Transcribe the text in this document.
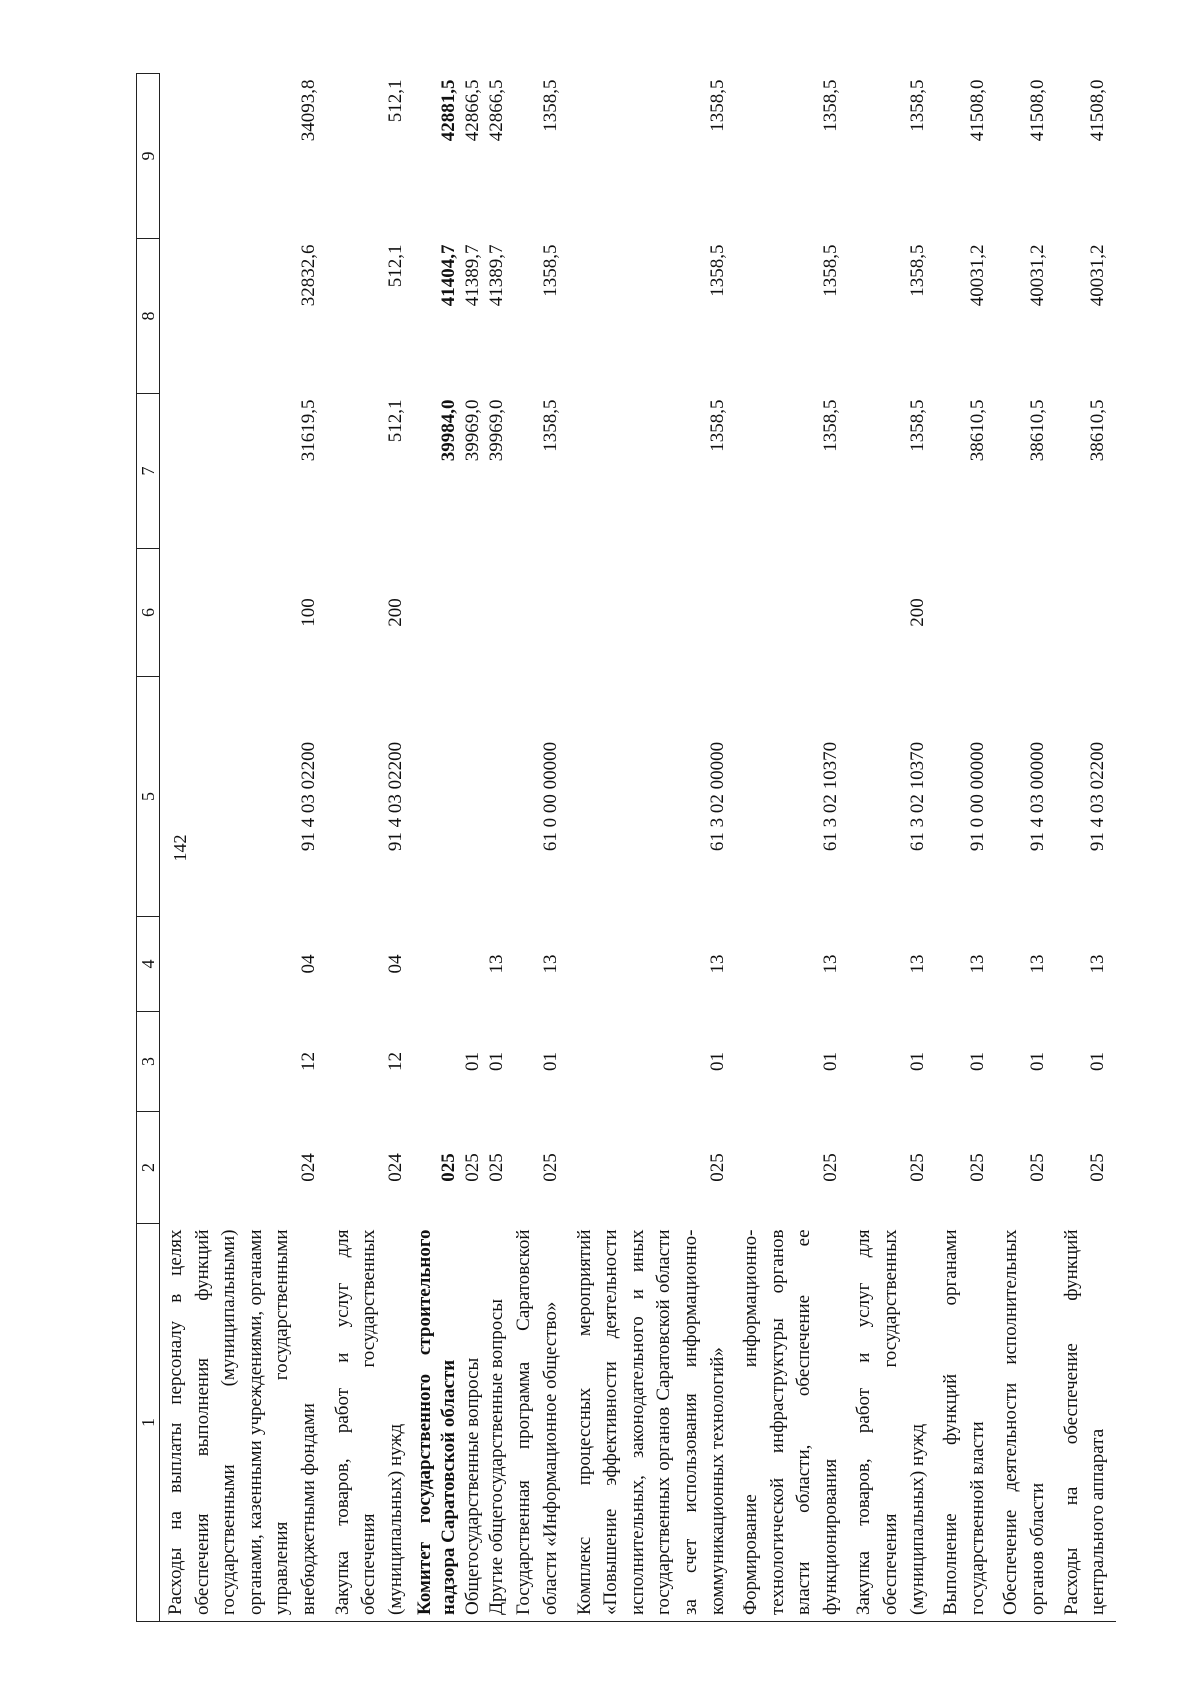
142
1	2	3	4	5	6	7	8	9
Расходы на выплаты персоналу в целях обеспечения выполнения функций государственными (муниципальными) органами, казенными учреждениями, органами управления государственными внебюджетными фондами	024	12	04	91 4 03 02200	100	31619,5	32832,6	34093,8
Закупка товаров, работ и услуг для обеспечения государственных (муниципальных) нужд	024	12	04	91 4 03 02200	200	512,1	512,1	512,1
Комитет государственного строительного надзора Саратовской области	025					39984,0	41404,7	42881,5
Общегосударственные вопросы	025	01				39969,0	41389,7	42866,5
Другие общегосударственные вопросы	025	01	13			39969,0	41389,7	42866,5
Государственная программа Саратовской области «Информационное общество»	025	01	13	61 0 00 00000		1358,5	1358,5	1358,5
Комплекс процессных мероприятий «Повышение эффективности деятельности исполнительных, законодательного и иных государственных органов Саратовской области за счет использования информационно-коммуникационных технологий»	025	01	13	61 3 02 00000		1358,5	1358,5	1358,5
Формирование информационно-технологической инфраструктуры органов власти области, обеспечение ее функционирования	025	01	13	61 3 02 10370		1358,5	1358,5	1358,5
Закупка товаров, работ и услуг для обеспечения государственных (муниципальных) нужд	025	01	13	61 3 02 10370	200	1358,5	1358,5	1358,5
Выполнение функций органами государственной власти	025	01	13	91 0 00 00000		38610,5	40031,2	41508,0
Обеспечение деятельности исполнительных органов области	025	01	13	91 4 03 00000		38610,5	40031,2	41508,0
Расходы на обеспечение функций центрального аппарата	025	01	13	91 4 03 02200		38610,5	40031,2	41508,0
